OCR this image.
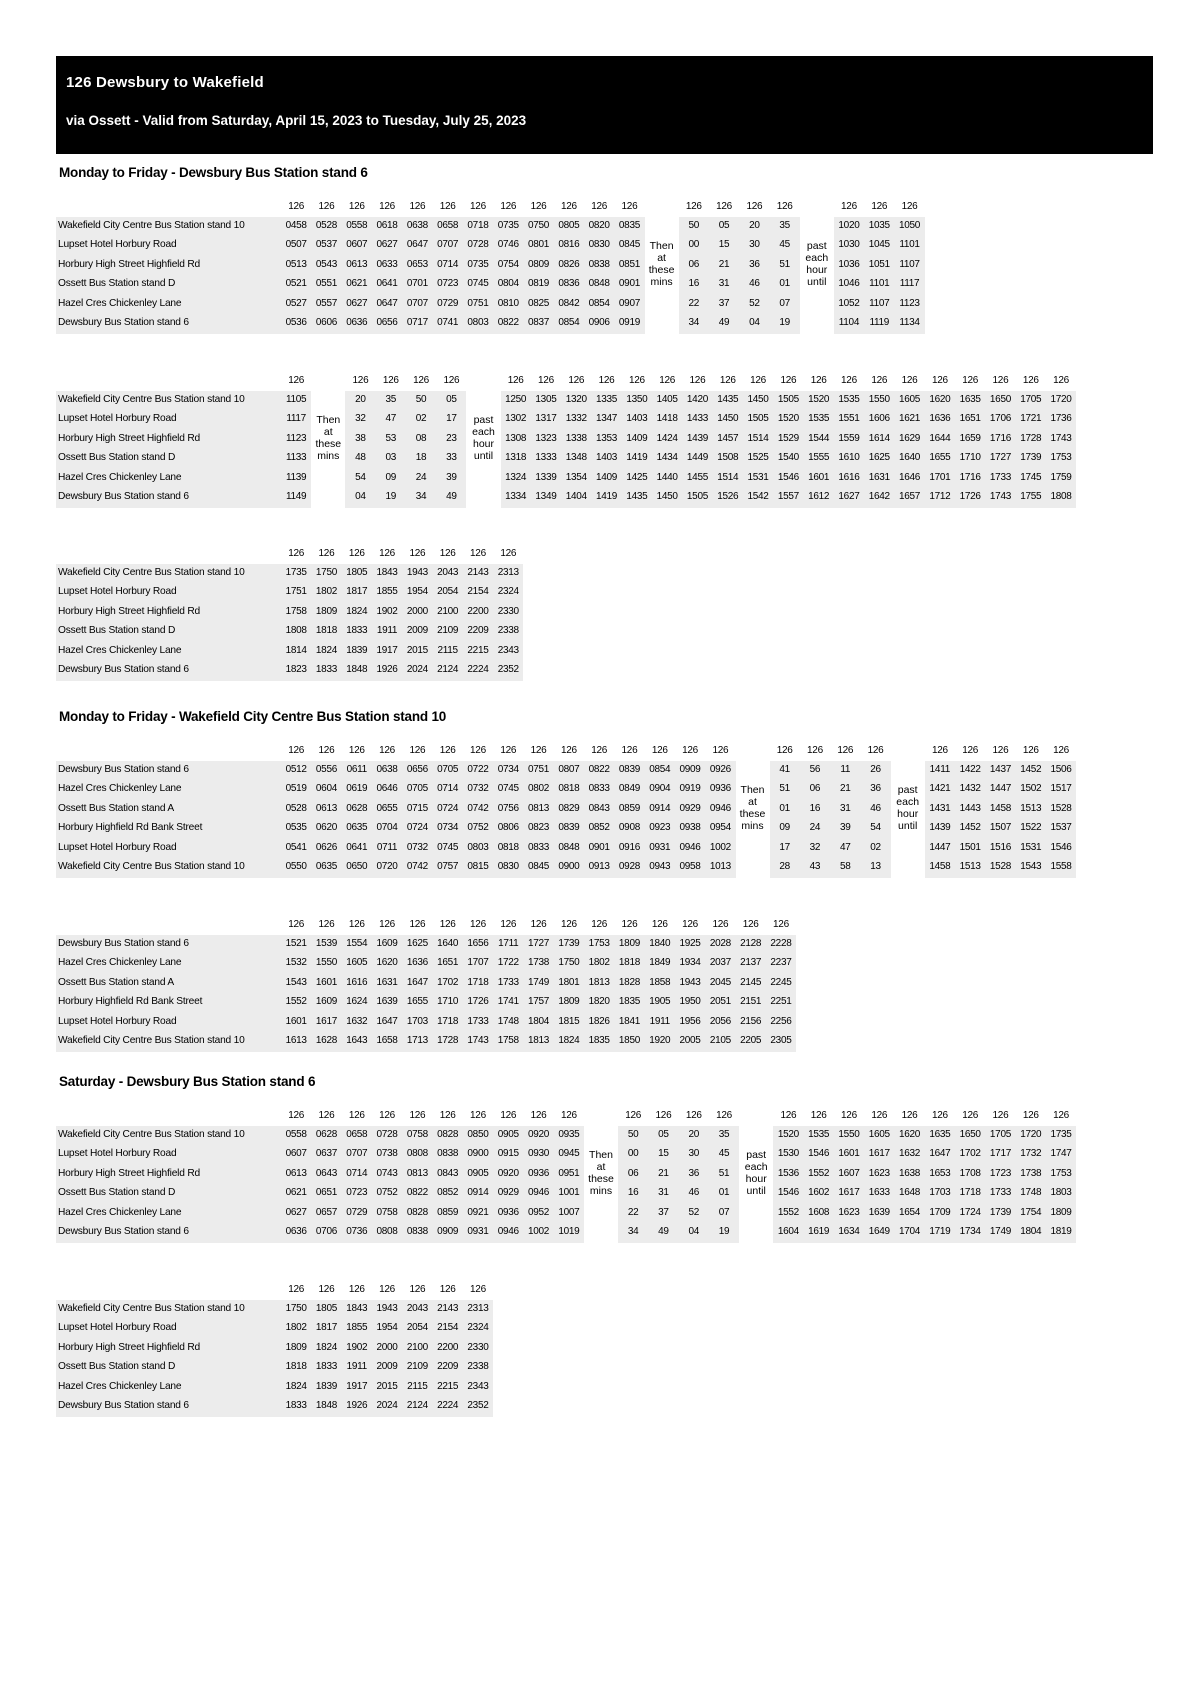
126 Dewsbury to Wakefield
via Ossett - Valid from Saturday, April 15, 2023 to Tuesday, July 25, 2023
Monday to Friday - Dewsbury Bus Station stand 6
126	126	126	126	126	126	126	126	126	126	126	126	126	126	126	126	126	126	126
Wakefield City Centre Bus Station stand 10	0458 0528 0558 0618 0638 0658 0718 0735 0750 0805 0820 0835	50	05	20	35	1020 1035 1050
Lupset Hotel Horbury Road	0507 0537 0607 0627 0647 0707 0728 0746 0801 0816 0830 0845	00	15	30	45	1030 1045 1101
Horbury High Street Highfield Rd	0513 0543 0613 0633 0653 0714 0735 0754 0809 0826 0838 0851	06	21	36	51	1036 1051 1107
Ossett Bus Station stand D	0521 0551 0621 0641 0701 0723 0745 0804 0819 0836 0848 0901	16	31	46	01	1046 1101	1117
Hazel Cres Chickenley Lane	0527 0557 0627 0647 0707 0729 0751 0810 0825 0842 0854 0907	22	37	52	07	1052 1107 1123
Dewsbury Bus Station stand 6	0536 0606 0636 0656 0717 0741 0803 0822 0837 0854 0906 0919	34	49	04	19	1104	1119	1134
Then
at
these
mins
past
each
hour
until
126	126	126	126	126	126	126	126	126	126	126	126	126	126	126	126	126	126	126	126	126	126	126	126
Wakefield City Centre Bus Station stand 10	1105	20	35	50	05	1250 1305 1320 1335 1350 1405 1420 1435 1450 1505 1520 1535 1550 1605 1620 1635 1650 1705 1720
Lupset Hotel Horbury Road	1117	32	47	02	17	1302 1317 1332 1347 1403 1418 1433 1450 1505 1520 1535 1551 1606 1621 1636 1651 1706 1721 1736
Horbury High Street Highfield Rd	1123	38	53	08	23	1308 1323 1338 1353 1409 1424 1439 1457 1514 1529 1544 1559 1614 1629 1644 1659 1716 1728 1743
Ossett Bus Station stand D	1133	48	03	18	33	1318 1333 1348 1403 1419 1434 1449 1508 1525 1540 1555 1610 1625 1640 1655 1710 1727 1739 1753
Hazel Cres Chickenley Lane	1139	54	09	24	39	1324 1339 1354 1409 1425 1440 1455 1514 1531 1546 1601 1616 1631 1646 1701 1716 1733 1745 1759
Dewsbury Bus Station stand 6	1149	04	19	34	49	1334 1349 1404 1419 1435 1450 1505 1526 1542 1557 1612 1627 1642 1657 1712 1726 1743 1755 1808
Then
at
these
mins
past
each
hour
until
126	126	126	126	126	126	126	126
Wakefield City Centre Bus Station stand 10	1735 1750 1805 1843 1943 2043 2143 2313
Lupset Hotel Horbury Road	1751 1802 1817 1855 1954 2054 2154 2324
Horbury High Street Highfield Rd	1758 1809 1824 1902 2000 2100 2200 2330
Ossett Bus Station stand D	1808 1818 1833 1911 2009 2109 2209 2338
Hazel Cres Chickenley Lane	1814 1824 1839 1917 2015 2115 2215 2343
Dewsbury Bus Station stand 6	1823 1833 1848 1926 2024 2124 2224 2352
Monday to Friday - Wakefield City Centre Bus Station stand 10
126	126	126	126	126	126	126	126	126	126	126	126	126	126	126	126	126	126	126	126	126	126	126	126
Dewsbury Bus Station stand 6	0512 0556 0611 0638 0656 0705 0722 0734 0751 0807 0822 0839 0854 0909 0926	41	56	11	26	1411 1422 1437 1452 1506
Hazel Cres Chickenley Lane	0519 0604 0619 0646 0705 0714 0732 0745 0802 0818 0833 0849 0904 0919 0936	51	06	21	36	1421 1432 1447 1502 1517
Ossett Bus Station stand A	0528 0613 0628 0655 0715 0724 0742 0756 0813 0829 0843 0859 0914 0929 0946	01	16	31	46	1431 1443 1458 1513 1528
Horbury Highfield Rd Bank Street	0535 0620 0635 0704 0724 0734 0752 0806 0823 0839 0852 0908 0923 0938 0954	09	24	39	54	1439 1452 1507 1522 1537
Lupset Hotel Horbury Road	0541 0626 0641 0711 0732 0745 0803 0818 0833 0848 0901 0916 0931 0946 1002	17	32	47	02	1447 1501 1516 1531 1546
Wakefield City Centre Bus Station stand 10	0550 0635 0650 0720 0742 0757 0815 0830 0845 0900 0913 0928 0943 0958 1013	28	43	58	13	1458 1513 1528 1543 1558
Then
at
these
mins
past
each
hour
until
126	126	126	126	126	126	126	126	126	126	126	126	126	126	126	126	126
Dewsbury Bus Station stand 6	1521 1539 1554 1609 1625 1640 1656 1711 1727 1739 1753 1809 1840 1925 2028 2128 2228
Hazel Cres Chickenley Lane	1532 1550 1605 1620 1636 1651 1707 1722 1738 1750 1802 1818 1849 1934 2037 2137 2237
Ossett Bus Station stand A	1543 1601 1616 1631 1647 1702 1718 1733 1749 1801 1813 1828 1858 1943 2045 2145 2245
Horbury Highfield Rd Bank Street	1552 1609 1624 1639 1655 1710 1726 1741 1757 1809 1820 1835 1905 1950 2051 2151 2251
Lupset Hotel Horbury Road	1601 1617 1632 1647 1703 1718 1733 1748 1804 1815 1826 1841 1911 1956 2056 2156 2256
Wakefield City Centre Bus Station stand 10	1613 1628 1643 1658 1713 1728 1743 1758 1813 1824 1835 1850 1920 2005 2105 2205 2305
Saturday - Dewsbury Bus Station stand 6
126	126	126	126	126	126	126	126	126	126	126	126	126	126	126	126	126	126	126	126	126	126	126	126
Wakefield City Centre Bus Station stand 10	0558 0628 0658 0728 0758 0828 0850 0905 0920 0935	50	05	20	35	1520 1535 1550 1605 1620 1635 1650 1705 1720 1735
Lupset Hotel Horbury Road	0607 0637 0707 0738 0808 0838 0900 0915 0930 0945	00	15	30	45	1530 1546 1601 1617 1632 1647 1702 1717 1732 1747
Horbury High Street Highfield Rd	0613 0643 0714 0743 0813 0843 0905 0920 0936 0951	06	21	36	51	1536 1552 1607 1623 1638 1653 1708 1723 1738 1753
Ossett Bus Station stand D	0621 0651 0723 0752 0822 0852 0914 0929 0946 1001	16	31	46	01	1546 1602 1617 1633 1648 1703 1718 1733 1748 1803
Hazel Cres Chickenley Lane	0627 0657 0729 0758 0828 0859 0921 0936 0952 1007	22	37	52	07	1552 1608 1623 1639 1654 1709 1724 1739 1754 1809
Dewsbury Bus Station stand 6	0636 0706 0736 0808 0838 0909 0931 0946 1002 1019	34	49	04	19	1604 1619 1634 1649 1704 1719 1734 1749 1804 1819
Then
at
these
mins
past
each
hour
until
126	126	126	126	126	126	126
Wakefield City Centre Bus Station stand 10	1750 1805 1843 1943 2043 2143 2313
Lupset Hotel Horbury Road	1802 1817 1855 1954 2054 2154 2324
Horbury High Street Highfield Rd	1809 1824 1902 2000 2100 2200 2330
Ossett Bus Station stand D	1818 1833 1911 2009 2109 2209 2338
Hazel Cres Chickenley Lane	1824 1839 1917 2015 2115 2215 2343
Dewsbury Bus Station stand 6	1833 1848 1926 2024 2124 2224 2352
